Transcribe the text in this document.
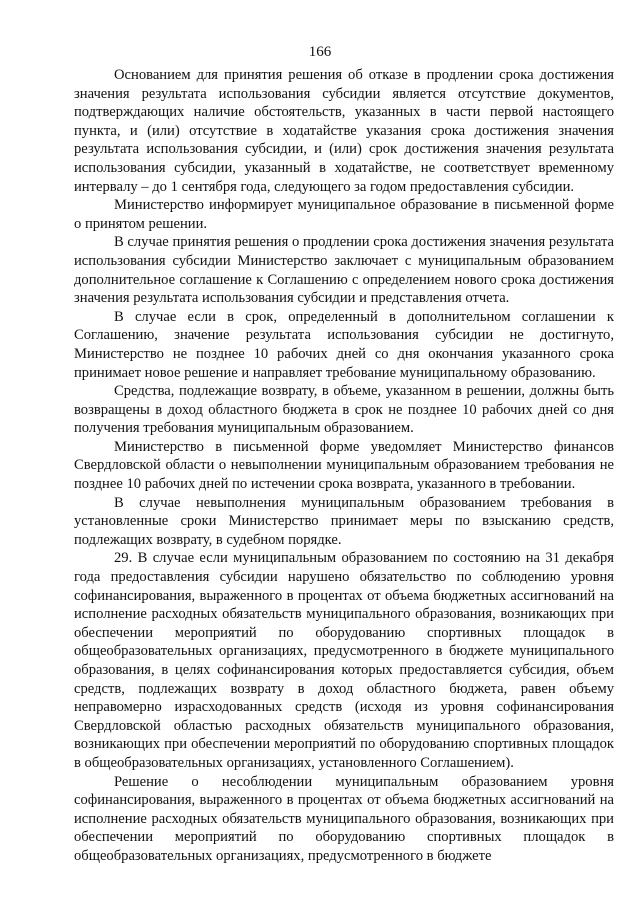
166

Основанием для принятия решения об отказе в продлении срока достижения значения результата использования субсидии является отсутствие документов, подтверждающих наличие обстоятельств, указанных в части первой настоящего пункта, и (или) отсутствие в ходатайстве указания срока достижения значения результата использования субсидии, и (или) срок достижения значения результата использования субсидии, указанный в ходатайстве, не соответствует временному интервалу – до 1 сентября года, следующего за годом предоставления субсидии.

Министерство информирует муниципальное образование в письменной форме о принятом решении.

В случае принятия решения о продлении срока достижения значения результата использования субсидии Министерство заключает с муниципальным образованием дополнительное соглашение к Соглашению с определением нового срока достижения значения результата использования субсидии и представления отчета.

В случае если в срок, определенный в дополнительном соглашении к Соглашению, значение результата использования субсидии не достигнуто, Министерство не позднее 10 рабочих дней со дня окончания указанного срока принимает новое решение и направляет требование муниципальному образованию.

Средства, подлежащие возврату, в объеме, указанном в решении, должны быть возвращены в доход областного бюджета в срок не позднее 10 рабочих дней со дня получения требования муниципальным образованием.

Министерство в письменной форме уведомляет Министерство финансов Свердловской области о невыполнении муниципальным образованием требования не позднее 10 рабочих дней по истечении срока возврата, указанного в требовании.

В случае невыполнения муниципальным образованием требования в установленные сроки Министерство принимает меры по взысканию средств, подлежащих возврату, в судебном порядке.

29. В случае если муниципальным образованием по состоянию на 31 декабря года предоставления субсидии нарушено обязательство по соблюдению уровня софинансирования, выраженного в процентах от объема бюджетных ассигнований на исполнение расходных обязательств муниципального образования, возникающих при обеспечении мероприятий по оборудованию спортивных площадок в общеобразовательных организациях, предусмотренного в бюджете муниципального образования, в целях софинансирования которых предоставляется субсидия, объем средств, подлежащих возврату в доход областного бюджета, равен объему неправомерно израсходованных средств (исходя из уровня софинансирования Свердловской областью расходных обязательств муниципального образования, возникающих при обеспечении мероприятий по оборудованию спортивных площадок в общеобразовательных организациях, установленного Соглашением).

Решение о несоблюдении муниципальным образованием уровня софинансирования, выраженного в процентах от объема бюджетных ассигнований на исполнение расходных обязательств муниципального образования, возникающих при обеспечении мероприятий по оборудованию спортивных площадок в общеобразовательных организациях, предусмотренного в бюджете
